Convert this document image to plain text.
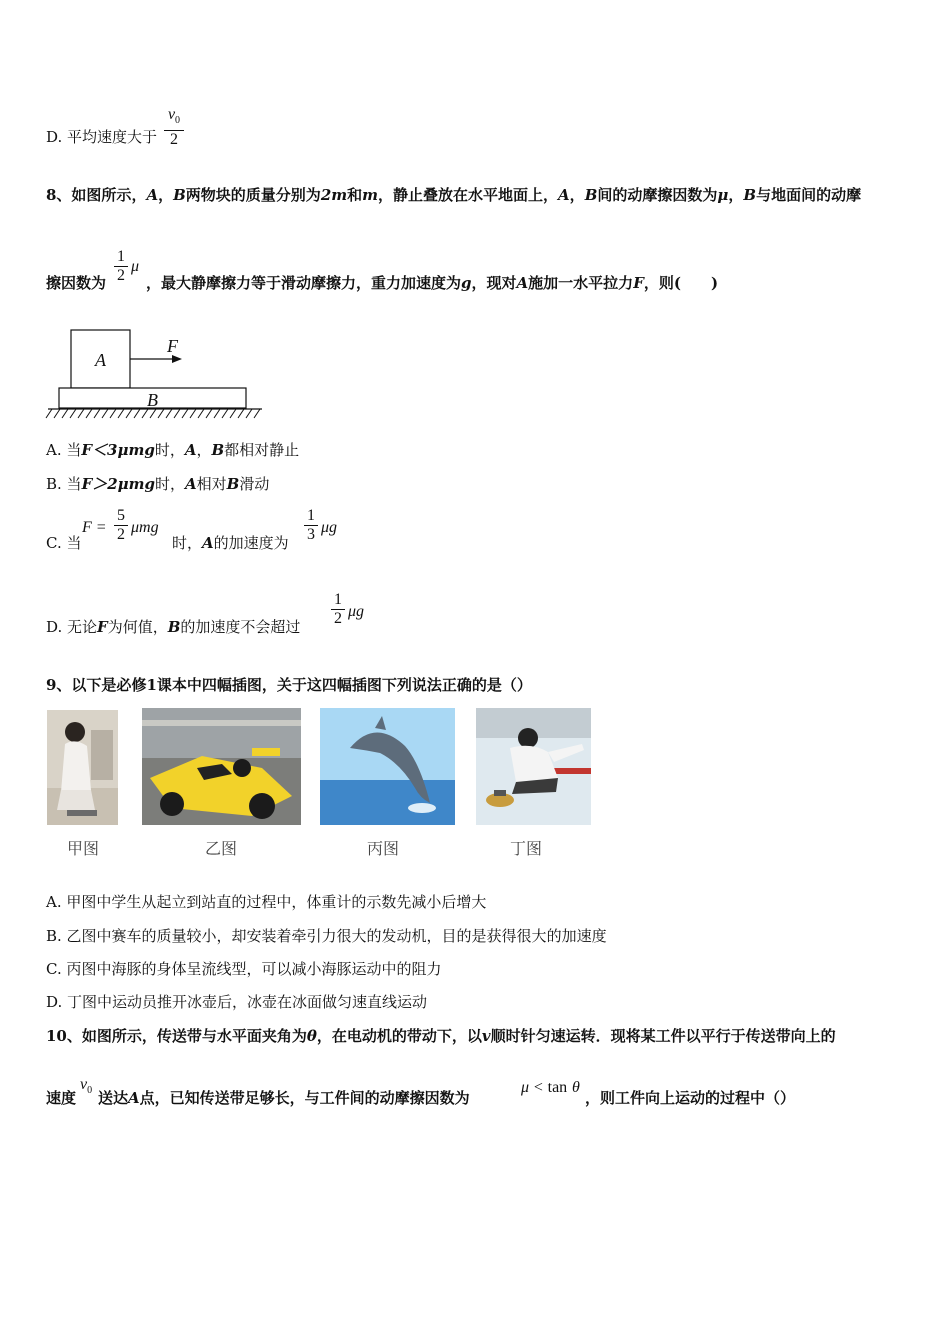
D. 平均速度大于
$v_0$
2
8、如图所示，A，B两物块的质量分别为2m和m，静止叠放在水平地面上，A，B间的动摩擦因数为μ，B与地面间的动摩
擦因数为
1
2
μ
，最大静摩擦力等于滑动摩擦力，重力加速度为g，现对A施加一水平拉力F，则(　　)
A
B
F
A. 当F＜3μmg时，A，B都相对静止
B. 当F＞2μmg时，A相对B滑动
C. 当
F =
5
2 μmg
时，A的加速度为
1
3 μg
D. 无论F为何值，B的加速度不会超过
1
2 μg
9、以下是必修1课本中四幅插图，关于这四幅插图下列说法正确的是（）
甲图	乙图	丙图	丁图
A. 甲图中学生从起立到站直的过程中，体重计的示数先减小后增大
B. 乙图中赛车的质量较小，却安装着牵引力很大的发动机，目的是获得很大的加速度
C. 丙图中海豚的身体呈流线型，可以减小海豚运动中的阻力
D. 丁图中运动员推开冰壶后，冰壶在冰面做匀速直线运动
10、如图所示，传送带与水平面夹角为θ，在电动机的带动下，以v顺时针匀速运转．现将某工件以平行于传送带向上的
速度
$v_0$ 送达A点，已知传送带足够长，与工件间的动摩擦因数为
μ < tan θ
，则工件向上运动的过程中（）
